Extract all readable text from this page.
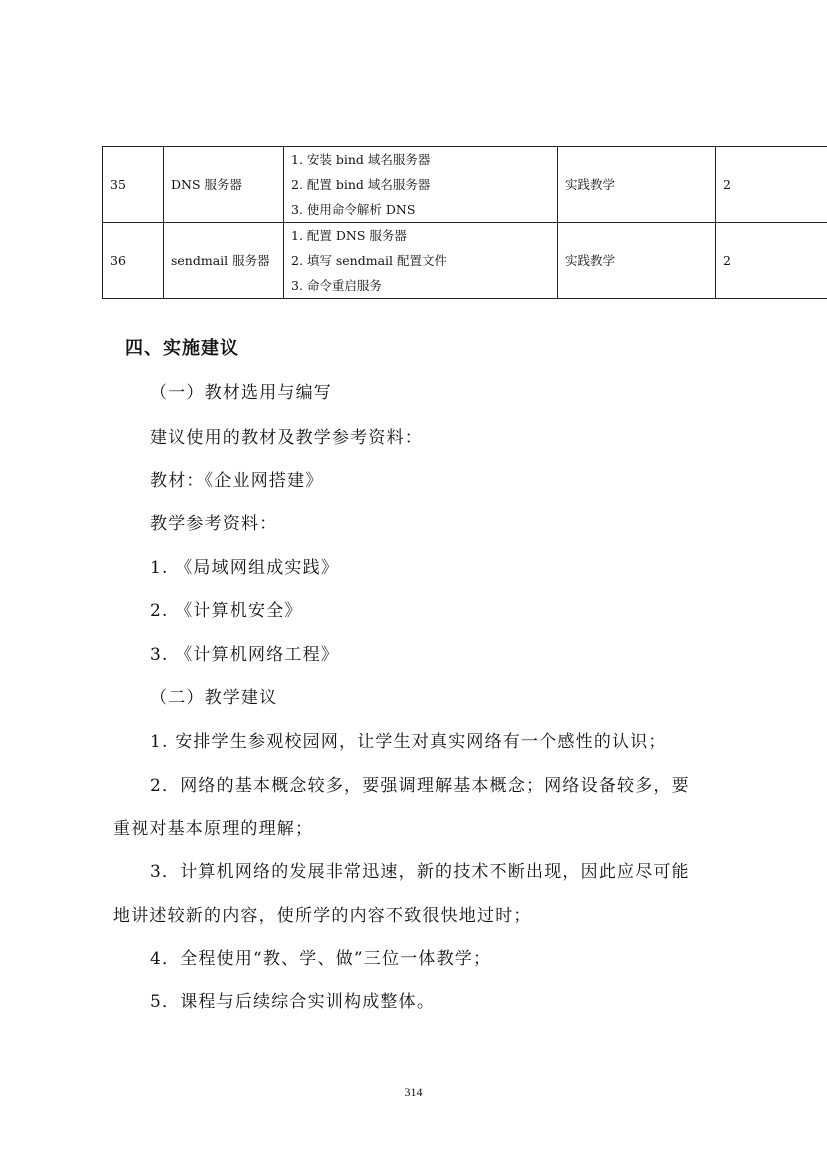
35	DNS 服务器	1. 安装 bind 域名服务器
2. 配置 bind 域名服务器
3. 使用命令解析 DNS	实践教学	2
36	sendmail 服务器	1. 配置 DNS 服务器
2. 填写 sendmail 配置文件
3. 命令重启服务	实践教学	2
四、实施建议
（一）教材选用与编写
建议使用的教材及教学参考资料：
教材：《企业网搭建》
教学参考资料：
1. 《局域网组成实践》
2. 《计算机安全》
3. 《计算机网络工程》
（二）教学建议
1. 安排学生参观校园网，让学生对真实网络有一个感性的认识；
2．网络的基本概念较多，要强调理解基本概念；网络设备较多，要
重视对基本原理的理解；
3．计算机网络的发展非常迅速，新的技术不断出现，因此应尽可能
地讲述较新的内容，使所学的内容不致很快地过时；
4．全程使用“教、学、做”三位一体教学；
5．课程与后续综合实训构成整体。
314
